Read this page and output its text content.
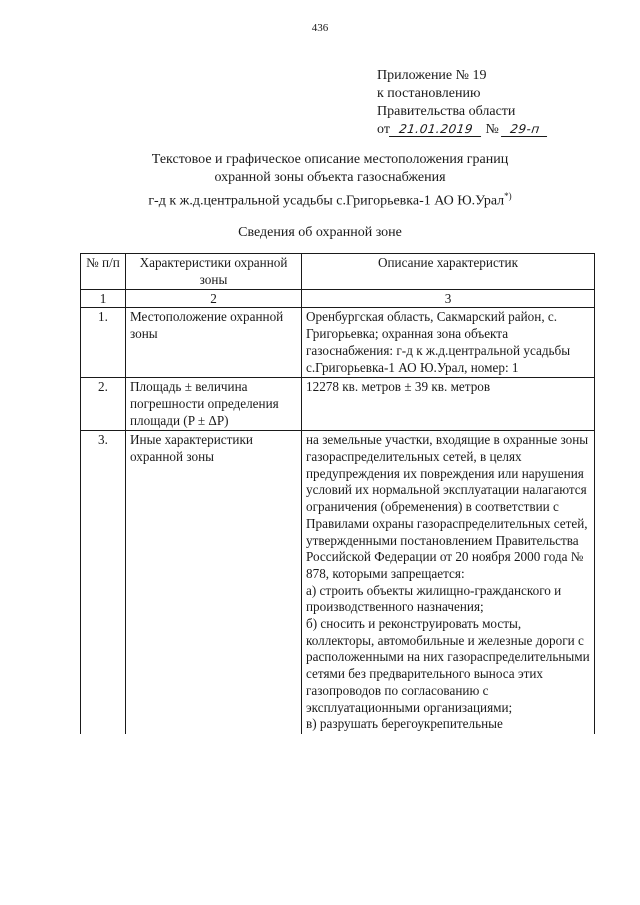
436
Приложение № 19
к постановлению
Правительства области
от 21.01.2019 № 29-п
Текстовое и графическое описание местоположения границ
охранной зоны объекта газоснабжения
г-д к ж.д.центральной усадьбы с.Григорьевка-1 АО Ю.Урал*)
Сведения об охранной зоне
№ п/п	Характеристики охранной зоны	Описание характеристик
1	2	3
1.	Местоположение охранной зоны	Оренбургская область, Сакмарский район, с. Григорьевка; охранная зона объекта газоснабжения: г-д к ж.д.центральной усадьбы с.Григорьевка-1 АО Ю.Урал, номер: 1
2.	Площадь ± величина погрешности определения площади (P ± ΔP)	12278 кв. метров ± 39 кв. метров
3.	Иные характеристики охранной зоны	на земельные участки, входящие в охранные зоны газораспределительных сетей, в целях предупреждения их повреждения или нарушения условий их нормальной эксплуатации налагаются ограничения (обременения) в соответствии с Правилами охраны газораспределительных сетей, утвержденными постановлением Правительства Российской Федерации от 20 ноября 2000 года № 878, которыми запрещается:
а) строить объекты жилищно-гражданского и производственного назначения;
б) сносить и реконструировать мосты, коллекторы, автомобильные и железные дороги с расположенными на них газораспределительными сетями без предварительного выноса этих газопроводов по согласованию с эксплуатационными организациями;
в) разрушать берегоукрепительные
